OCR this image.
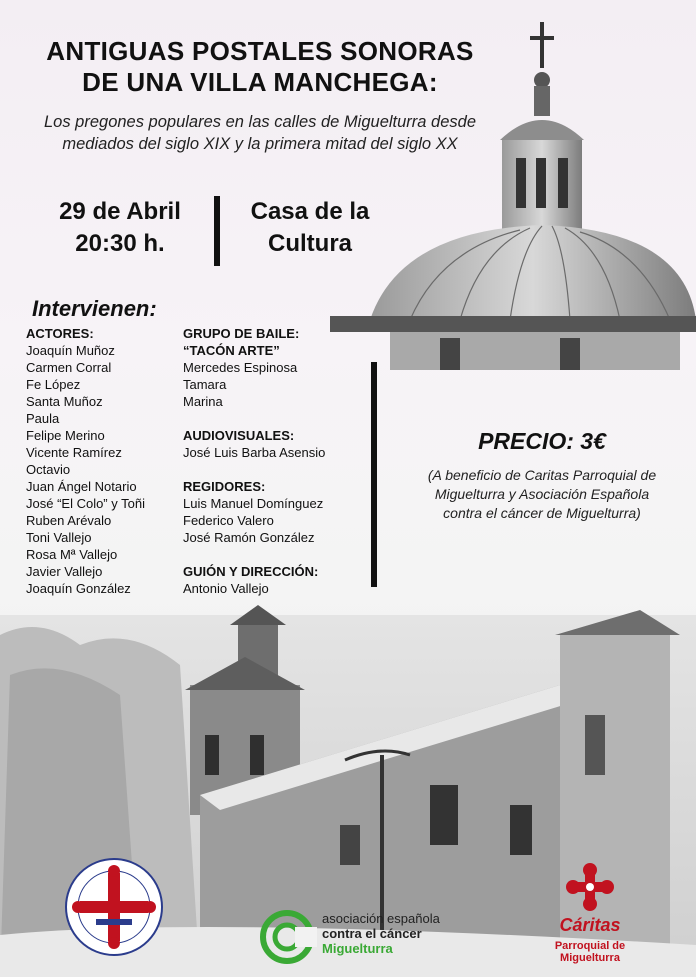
ANTIGUAS POSTALES SONORAS
DE UNA VILLA MANCHEGA:
Los pregones populares en las calles de Miguelturra desde
mediados del siglo XIX y la primera mitad del siglo XX
29 de Abril
20:30 h.
Casa de la
Cultura
Intervienen:
ACTORES:
Joaquín Muñoz
Carmen Corral
Fe López
Santa Muñoz
Paula
Felipe Merino
Vicente Ramírez
Octavio
Juan Ángel Notario
José “El Colo” y Toñi
Ruben Arévalo
Toni Vallejo
Rosa Mª Vallejo
Javier Vallejo
Joaquín González
GRUPO DE BAILE:
“TACÓN ARTE”
Mercedes Espinosa
Tamara
Marina
AUDIOVISUALES:
José Luis Barba Asensio
REGIDORES:
Luis Manuel Domínguez
Federico Valero
José Ramón González
GUIÓN Y DIRECCIÓN:
Antonio Vallejo
PRECIO: 3€
(A beneficio de Caritas Parroquial de
Miguelturra y Asociación Española
contra el cáncer de Miguelturra)
asociación española
contra el cáncer
Miguelturra
Cáritas
Parroquial de
Miguelturra
